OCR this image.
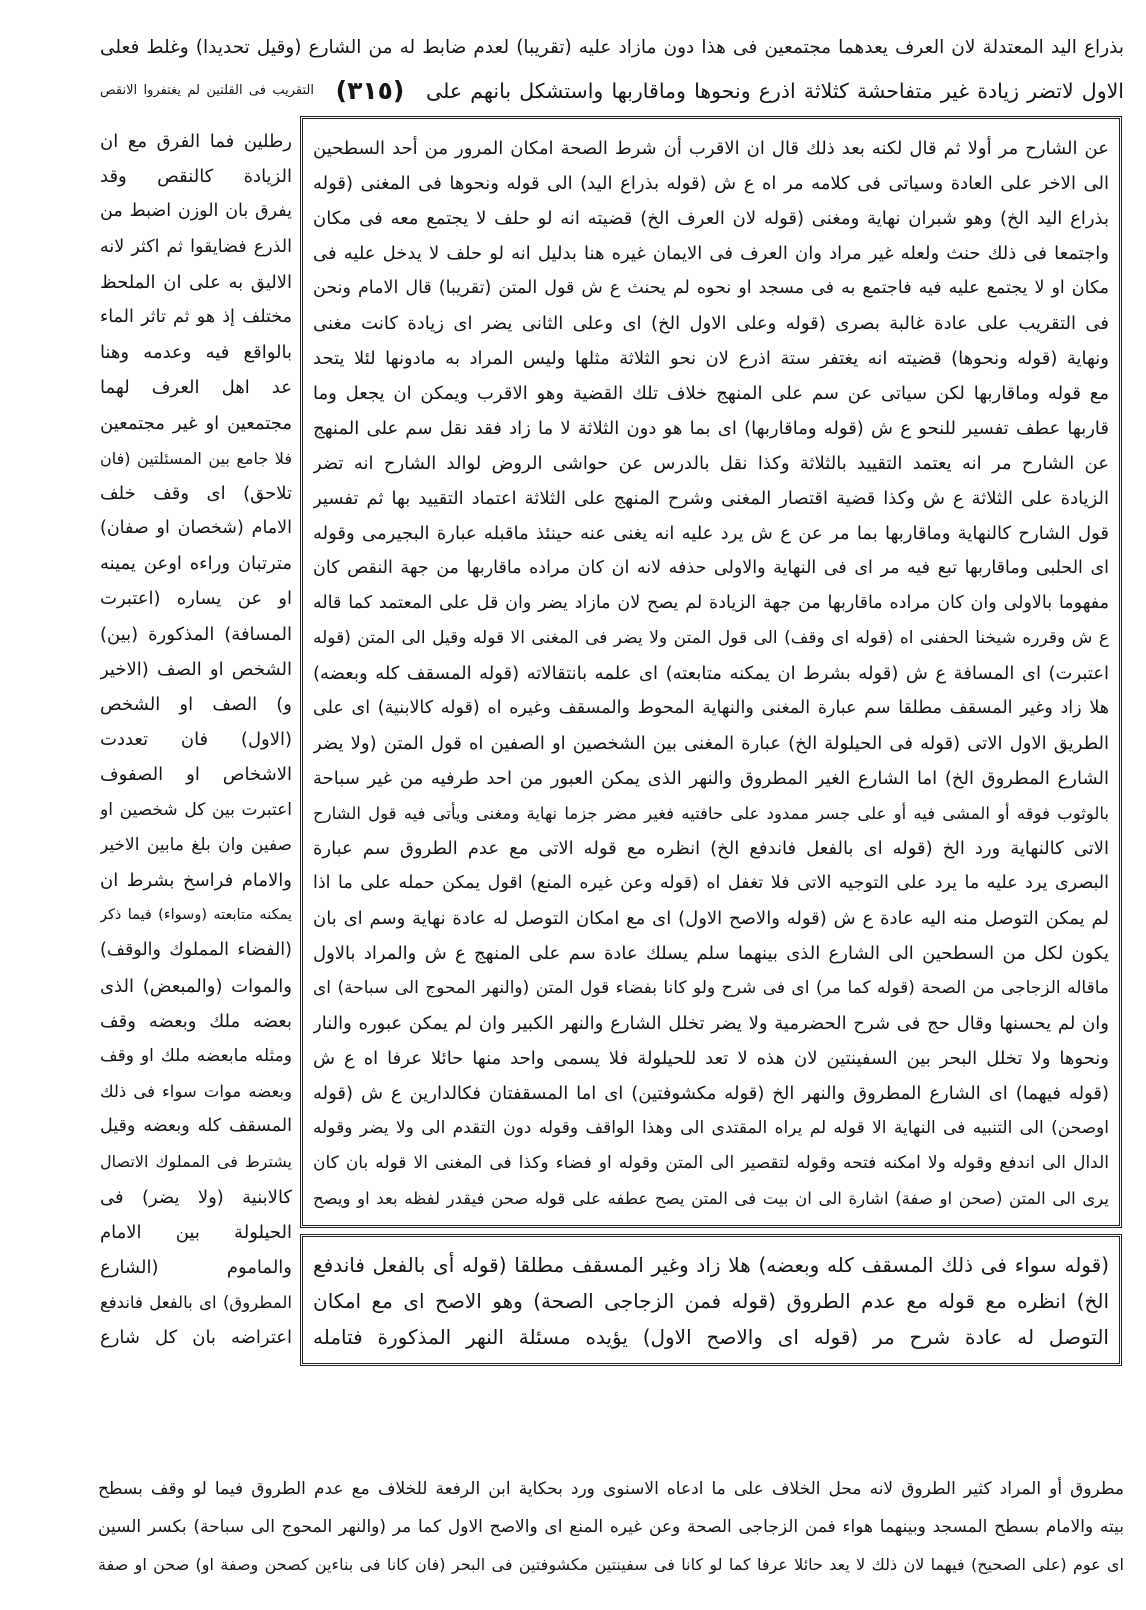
بذراع اليد المعتدلة لان العرف يعدهما مجتمعين فى هذا دون مازاد عليه (تقريبا) لعدم ضابط له من الشارع (وقيل تحديدا) وغلط فعلى
الاول لاتضر زيادة غير متفاحشة كثلاثة اذرع ونحوها وماقاربها واستشكل بانهم على
(٣١٥)
التقريب فى القلتين لم يغتفروا الانقص
عن الشارح مر أولا ثم قال لكنه بعد ذلك قال ان الاقرب أن شرط الصحة امكان المرور من أحد السطحين
الى الاخر على العادة وسياتى فى كلامه مر اه ع ش (قوله بذراع اليد) الى قوله ونحوها فى المغنى (قوله
بذراع اليد الخ) وهو شبران نهاية ومغنى (قوله لان العرف الخ) قضيته انه لو حلف لا يجتمع معه فى مكان
واجتمعا فى ذلك حنث ولعله غير مراد وان العرف فى الايمان غيره هنا بدليل انه لو حلف لا يدخل عليه فى
مكان او لا يجتمع عليه فيه فاجتمع به فى مسجد او نحوه لم يحنث ع ش قول المتن (تقريبا) قال الامام ونحن
فى التقريب على عادة غالبة بصرى (قوله وعلى الاول الخ) اى وعلى الثانى يضر اى زيادة كانت مغنى
ونهاية (قوله ونحوها) قضيته انه يغتفر ستة اذرع لان نحو الثلاثة مثلها وليس المراد به مادونها لئلا يتحد
مع قوله وماقاربها لكن سياتى عن سم على المنهج خلاف تلك القضية وهو الاقرب ويمكن ان يجعل وما
قاربها عطف تفسير للنحو ع ش (قوله وماقاربها) اى بما هو دون الثلاثة لا ما زاد فقد نقل سم على المنهج
عن الشارح مر انه يعتمد التقييد بالثلاثة وكذا نقل بالدرس عن حواشى الروض لوالد الشارح انه تضر
الزيادة على الثلاثة ع ش وكذا قضية اقتصار المغنى وشرح المنهج على الثلاثة اعتماد التقييد بها ثم تفسير
قول الشارح كالنهاية وماقاربها بما مر عن ع ش يرد عليه انه يغنى عنه حينئذ ماقبله عبارة البجيرمى وقوله
اى الحلبى وماقاربها تبع فيه مر اى فى النهاية والاولى حذفه لانه ان كان مراده ماقاربها من جهة النقص كان
مفهوما بالاولى وان كان مراده ماقاربها من جهة الزيادة لم يصح لان مازاد يضر وان قل على المعتمد كما قاله
ع ش وقرره شيخنا الحفنى اه (قوله اى وقف) الى قول المتن ولا يضر فى المغنى الا قوله وقيل الى المتن (قوله
اعتبرت) اى المسافة ع ش (قوله بشرط ان يمكنه متابعته) اى علمه بانتقالاته (قوله المسقف كله وبعضه)
هلا زاد وغير المسقف مطلقا سم عبارة المغنى والنهاية المحوط والمسقف وغيره اه (قوله كالابنية) اى على
الطريق الاول الاتى (قوله فى الحيلولة الخ) عبارة المغنى بين الشخصين او الصفين اه قول المتن (ولا يضر
الشارع المطروق الخ) اما الشارع الغير المطروق والنهر الذى يمكن العبور من احد طرفيه من غير سباحة
بالوثوب فوقه أو المشى فيه أو على جسر ممدود على حافتيه فغير مضر جزما نهاية ومغنى ويأتى فيه قول الشارح
الاتى كالنهاية ورد الخ (قوله اى بالفعل فاندفع الخ) انظره مع قوله الاتى مع عدم الطروق سم عبارة
البصرى يرد عليه ما يرد على التوجيه الاتى فلا تغفل اه (قوله وعن غيره المنع) اقول يمكن حمله على ما اذا
لم يمكن التوصل منه اليه عادة ع ش (قوله والاصح الاول) اى مع امكان التوصل له عادة نهاية وسم اى بان
يكون لكل من السطحين الى الشارع الذى بينهما سلم يسلك عادة سم على المنهج ع ش والمراد بالاول
ماقاله الزجاجى من الصحة (قوله كما مر) اى فى شرح ولو كانا بفضاء قول المتن (والنهر المحوج الى سباحة) اى
وان لم يحسنها وقال حج فى شرح الحضرمية ولا يضر تخلل الشارع والنهر الكبير وان لم يمكن عبوره والنار
ونحوها ولا تخلل البحر بين السفينتين لان هذه لا تعد للحيلولة فلا يسمى واحد منها حائلا عرفا اه ع ش
(قوله فيهما) اى الشارع المطروق والنهر الخ (قوله مكشوفتين) اى اما المسقفتان فكالدارين ع ش (قوله
اوصحن) الى التنبيه فى النهاية الا قوله لم يراه المقتدى الى وهذا الواقف وقوله دون التقدم الى ولا يضر وقوله
الدال الى اندفع وقوله ولا امكنه فتحه وقوله لتقصير الى المتن وقوله او فضاء وكذا فى المغنى الا قوله بان كان
يرى الى المتن (صحن او صفة) اشارة الى ان بيت فى المتن يصح عطفه على قوله صحن فيقدر لفظه بعد او ويصح
(قوله سواء فى ذلك المسقف كله وبعضه) هلا زاد وغير المسقف مطلقا (قوله أى بالفعل فاندفع
الخ) انظره مع قوله مع عدم الطروق (قوله فمن الزجاجى الصحة) وهو الاصح اى مع امكان
التوصل له عادة شرح مر (قوله اى والاصح الاول) يؤيده مسئلة النهر المذكورة فتامله
رطلين فما الفرق مع ان
الزيادة كالنقص وقد
يفرق بان الوزن اضبط من
الذرع فضايقوا ثم اكثر لانه
الاليق به على ان الملحظ
مختلف إذ هو ثم تاثر الماء
بالواقع فيه وعدمه وهنا
عد اهل العرف لهما
مجتمعين او غير مجتمعين
فلا جامع بين المسئلتين (فان
تلاحق) اى وقف خلف
الامام (شخصان او صفان)
مترتبان وراءه اوعن يمينه
او عن يساره (اعتبرت
المسافة) المذكورة (بين)
الشخص او الصف (الاخير
و) الصف او الشخص
(الاول) فان تعددت
الاشخاص او الصفوف
اعتبرت بين كل شخصين او
صفين وان بلغ مابين الاخير
والامام فراسخ بشرط ان
يمكنه متابعته (وسواء) فيما ذكر
(الفضاء المملوك والوقف)
والموات (والمبعض) الذى
بعضه ملك وبعضه وقف
ومثله مابعضه ملك او وقف
وبعضه موات سواء فى ذلك
المسقف كله وبعضه وقيل
يشترط فى المملوك الاتصال
كالابنية (ولا يضر) فى
الحيلولة بين الامام
والماموم (الشارع
المطروق) اى بالفعل فاندفع
اعتراضه بان كل شارع
مطروق أو المراد كثير الطروق لانه محل الخلاف على ما ادعاه الاسنوى ورد بحكاية ابن الرفعة للخلاف مع عدم الطروق فيما لو وقف بسطح
بيته والامام بسطح المسجد وبينهما هواء فمن الزجاجى الصحة وعن غيره المنع اى والاصح الاول كما مر (والنهر المحوج الى سباحة) بكسر السين
اى عوم (على الصحيح) فيهما لان ذلك لا يعد حائلا عرفا كما لو كانا فى سفينتين مكشوفتين فى البحر (فان كانا فى بناءين كصحن وصفة او) صحن او صفة
